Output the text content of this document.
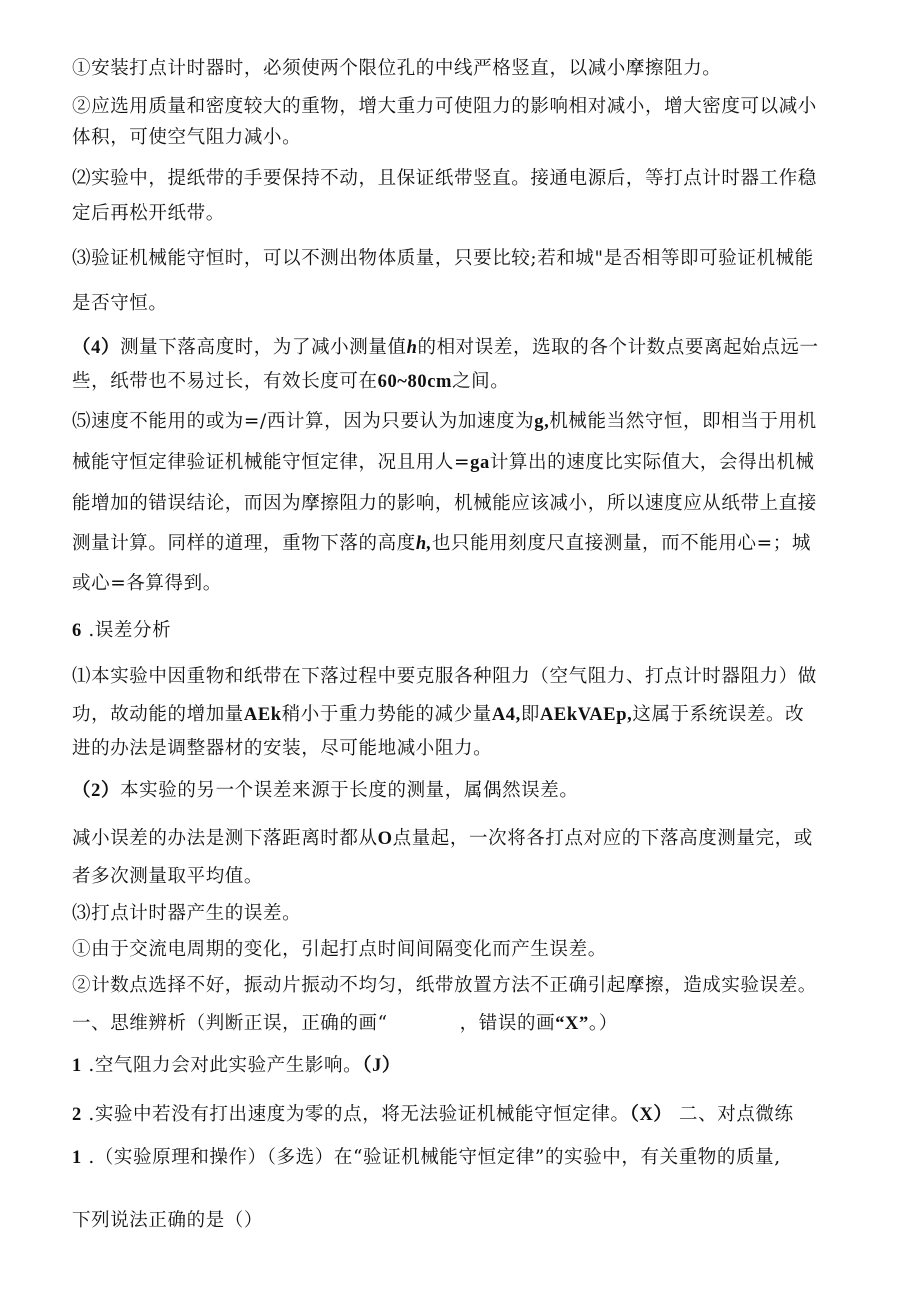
①安装打点计时器时，必须使两个限位孔的中线严格竖直，以减小摩擦阻力。
②应选用质量和密度较大的重物，增大重力可使阻力的影响相对减小，增大密度可以减小
体积，可使空气阻力减小。
⑵实验中，提纸带的手要保持不动，且保证纸带竖直。接通电源后，等打点计时器工作稳
定后再松开纸带。
⑶验证机械能守恒时，可以不测出物体质量，只要比较;若和城"是否相等即可验证机械能
是否守恒。
（4）测量下落高度时，为了减小测量值h的相对误差，选取的各个计数点要离起始点远一
些，纸带也不易过长，有效长度可在60~80cm之间。
⑸速度不能用的或为=/西计算，因为只要认为加速度为g,机械能当然守恒，即相当于用机
械能守恒定律验证机械能守恒定律，况且用人=ga计算出的速度比实际值大，会得出机械
能增加的错误结论，而因为摩擦阻力的影响，机械能应该减小，所以速度应从纸带上直接
测量计算。同样的道理，重物下落的高度h,也只能用刻度尺直接测量，而不能用心=；城
或心=各算得到。
6 .误差分析
⑴本实验中因重物和纸带在下落过程中要克服各种阻力（空气阻力、打点计时器阻力）做
功，故动能的增加量AEk稍小于重力势能的减少量A4,即AEkVAEp,这属于系统误差。改
进的办法是调整器材的安装，尽可能地减小阻力。
（2）本实验的另一个误差来源于长度的测量，属偶然误差。
减小误差的办法是测下落距离时都从O点量起，一次将各打点对应的下落高度测量完，或
者多次测量取平均值。
⑶打点计时器产生的误差。
①由于交流电周期的变化，引起打点时间间隔变化而产生误差。
②计数点选择不好，振动片振动不均匀，纸带放置方法不正确引起摩擦，造成实验误差。
一、思维辨析（判断正误，正确的画“	，错误的画“X”。）
1 .空气阻力会对此实验产生影响。（J）
2 .实验中若没有打出速度为零的点，将无法验证机械能守恒定律。（X） 二、对点微练
1 .（实验原理和操作）（多选）在“验证机械能守恒定律”的实验中，有关重物的质量,
下列说法正确的是（）
